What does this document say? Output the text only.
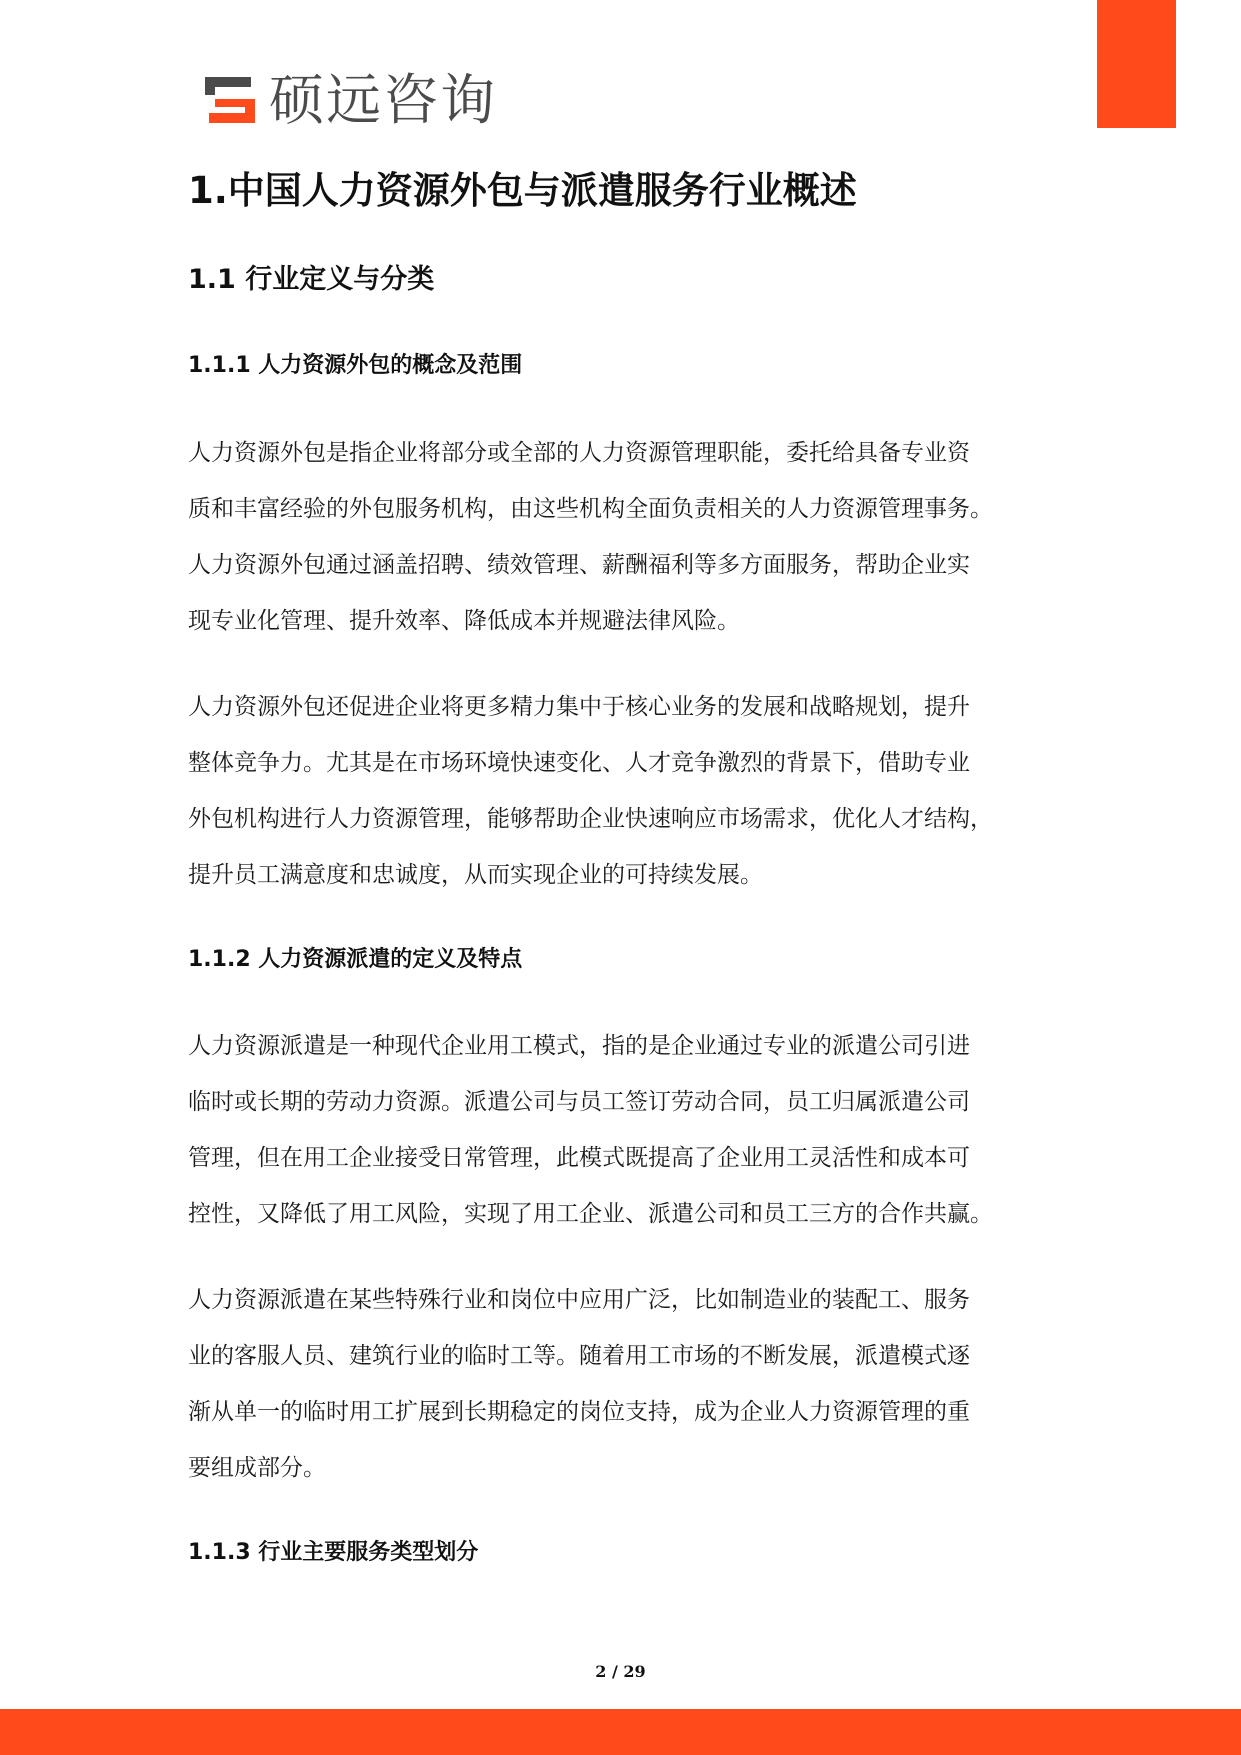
硕远咨询
1.中国人力资源外包与派遣服务行业概述
1.1 行业定义与分类
1.1.1 人力资源外包的概念及范围

人力资源外包是指企业将部分或全部的人力资源管理职能，委托给具备专业资
质和丰富经验的外包服务机构，由这些机构全面负责相关的人力资源管理事务。
人力资源外包通过涵盖招聘、绩效管理、薪酬福利等多方面服务，帮助企业实
现专业化管理、提升效率、降低成本并规避法律风险。

人力资源外包还促进企业将更多精力集中于核心业务的发展和战略规划，提升
整体竞争力。尤其是在市场环境快速变化、人才竞争激烈的背景下，借助专业
外包机构进行人力资源管理，能够帮助企业快速响应市场需求，优化人才结构，
提升员工满意度和忠诚度，从而实现企业的可持续发展。

1.1.2 人力资源派遣的定义及特点

人力资源派遣是一种现代企业用工模式，指的是企业通过专业的派遣公司引进
临时或长期的劳动力资源。派遣公司与员工签订劳动合同，员工归属派遣公司
管理，但在用工企业接受日常管理，此模式既提高了企业用工灵活性和成本可
控性，又降低了用工风险，实现了用工企业、派遣公司和员工三方的合作共赢。

人力资源派遣在某些特殊行业和岗位中应用广泛，比如制造业的装配工、服务
业的客服人员、建筑行业的临时工等。随着用工市场的不断发展，派遣模式逐
渐从单一的临时用工扩展到长期稳定的岗位支持，成为企业人力资源管理的重
要组成部分。

1.1.3 行业主要服务类型划分
2 / 29
